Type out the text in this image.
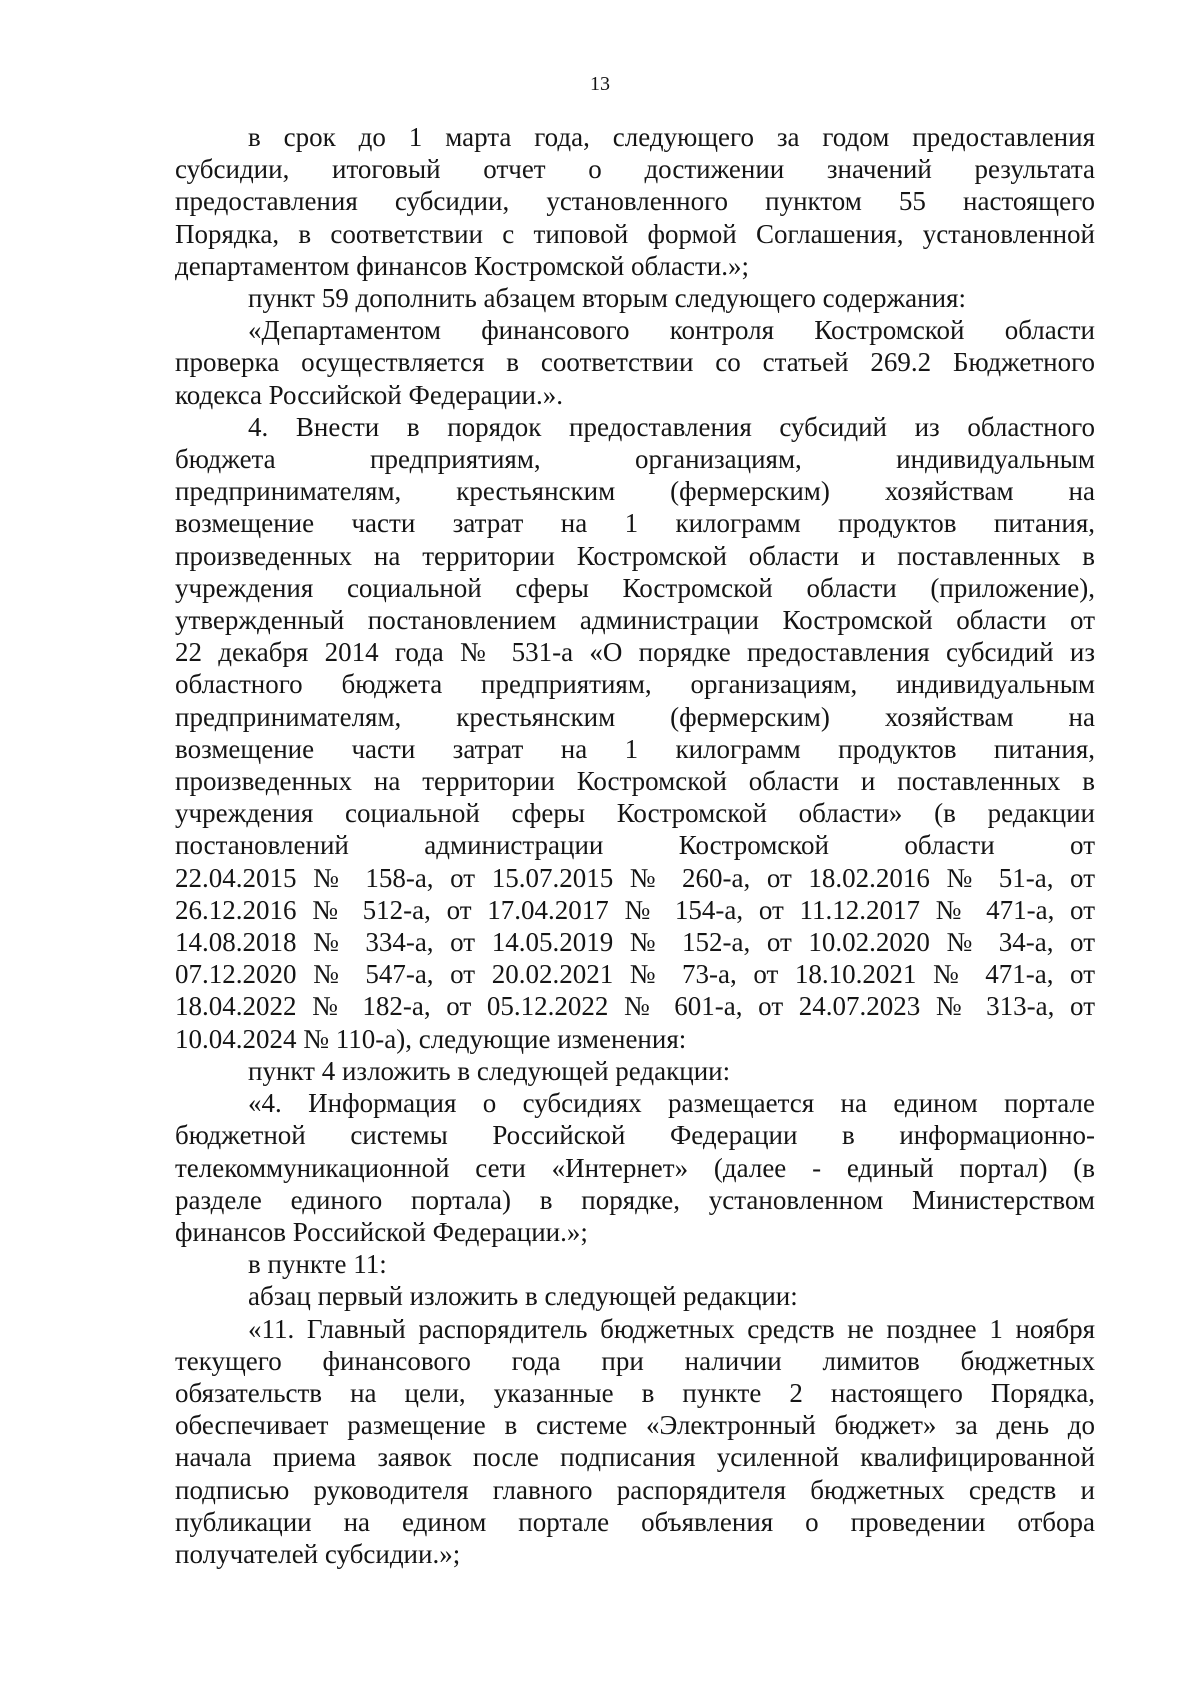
13
в срок до 1 марта года, следующего за годом предоставления
субсидии, итоговый отчет о достижении значений результата
предоставления субсидии, установленного пунктом 55 настоящего
Порядка, в соответствии с типовой формой Соглашения, установленной
департаментом финансов Костромской области.»;
пункт 59 дополнить абзацем вторым следующего содержания:
«Департаментом финансового контроля Костромской области
проверка осуществляется в соответствии со статьей 269.2 Бюджетного
кодекса Российской Федерации.».
4. Внести в порядок предоставления субсидий из областного
бюджета предприятиям, организациям, индивидуальным
предпринимателям, крестьянским (фермерским) хозяйствам на
возмещение части затрат на 1 килограмм продуктов питания,
произведенных на территории Костромской области и поставленных в
учреждения социальной сферы Костромской области (приложение),
утвержденный постановлением администрации Костромской области от
22 декабря 2014 года № 531-а «О порядке предоставления субсидий из
областного бюджета предприятиям, организациям, индивидуальным
предпринимателям, крестьянским (фермерским) хозяйствам на
возмещение части затрат на 1 килограмм продуктов питания,
произведенных на территории Костромской области и поставленных в
учреждения социальной сферы Костромской области» (в редакции
постановлений администрации Костромской области от
22.04.2015 № 158-а, от 15.07.2015 № 260-а, от 18.02.2016 № 51-а, от
26.12.2016 № 512-а, от 17.04.2017 № 154-а, от 11.12.2017 № 471-а, от
14.08.2018 № 334-а, от 14.05.2019 № 152-а, от 10.02.2020 № 34-а, от
07.12.2020 № 547-а, от 20.02.2021 № 73-а, от 18.10.2021 № 471-а, от
18.04.2022 № 182-а, от 05.12.2022 № 601-а, от 24.07.2023 № 313-а, от
10.04.2024 № 110-а), следующие изменения:
пункт 4 изложить в следующей редакции:
«4. Информация о субсидиях размещается на едином портале
бюджетной системы Российской Федерации в информационно-
телекоммуникационной сети «Интернет» (далее - единый портал) (в
разделе единого портала) в порядке, установленном Министерством
финансов Российской Федерации.»;
в пункте 11:
абзац первый изложить в следующей редакции:
«11. Главный распорядитель бюджетных средств не позднее 1 ноября
текущего финансового года при наличии лимитов бюджетных
обязательств на цели, указанные в пункте 2 настоящего Порядка,
обеспечивает размещение в системе «Электронный бюджет» за день до
начала приема заявок после подписания усиленной квалифицированной
подписью руководителя главного распорядителя бюджетных средств и
публикации на едином портале объявления о проведении отбора
получателей субсидии.»;
